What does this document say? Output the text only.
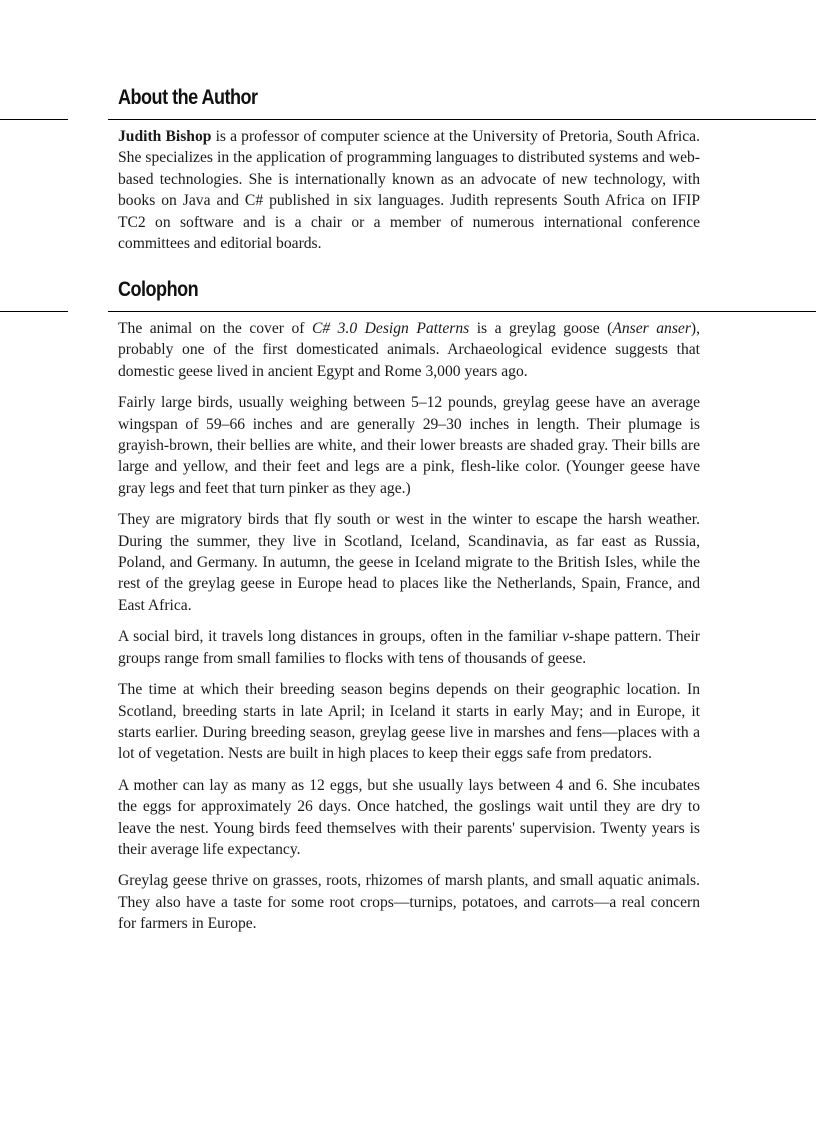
About the Author

Judith Bishop is a professor of computer science at the University of Pretoria, South Africa. She specializes in the application of programming languages to distributed systems and web-based technologies. She is internationally known as an advocate of new technology, with books on Java and C# published in six languages. Judith represents South Africa on IFIP TC2 on software and is a chair or a member of numerous international conference committees and editorial boards.

Colophon

The animal on the cover of C# 3.0 Design Patterns is a greylag goose (Anser anser), probably one of the first domesticated animals. Archaeological evidence suggests that domestic geese lived in ancient Egypt and Rome 3,000 years ago.

Fairly large birds, usually weighing between 5–12 pounds, greylag geese have an average wingspan of 59–66 inches and are generally 29–30 inches in length. Their plumage is grayish-brown, their bellies are white, and their lower breasts are shaded gray. Their bills are large and yellow, and their feet and legs are a pink, flesh-like color. (Younger geese have gray legs and feet that turn pinker as they age.)

They are migratory birds that fly south or west in the winter to escape the harsh weather. During the summer, they live in Scotland, Iceland, Scandinavia, as far east as Russia, Poland, and Germany. In autumn, the geese in Iceland migrate to the British Isles, while the rest of the greylag geese in Europe head to places like the Netherlands, Spain, France, and East Africa.

A social bird, it travels long distances in groups, often in the familiar v-shape pattern. Their groups range from small families to flocks with tens of thousands of geese.

The time at which their breeding season begins depends on their geographic location. In Scotland, breeding starts in late April; in Iceland it starts in early May; and in Europe, it starts earlier. During breeding season, greylag geese live in marshes and fens—places with a lot of vegetation. Nests are built in high places to keep their eggs safe from predators.

A mother can lay as many as 12 eggs, but she usually lays between 4 and 6. She incubates the eggs for approximately 26 days. Once hatched, the goslings wait until they are dry to leave the nest. Young birds feed themselves with their parents' supervision. Twenty years is their average life expectancy.

Greylag geese thrive on grasses, roots, rhizomes of marsh plants, and small aquatic animals. They also have a taste for some root crops—turnips, potatoes, and carrots—a real concern for farmers in Europe.
